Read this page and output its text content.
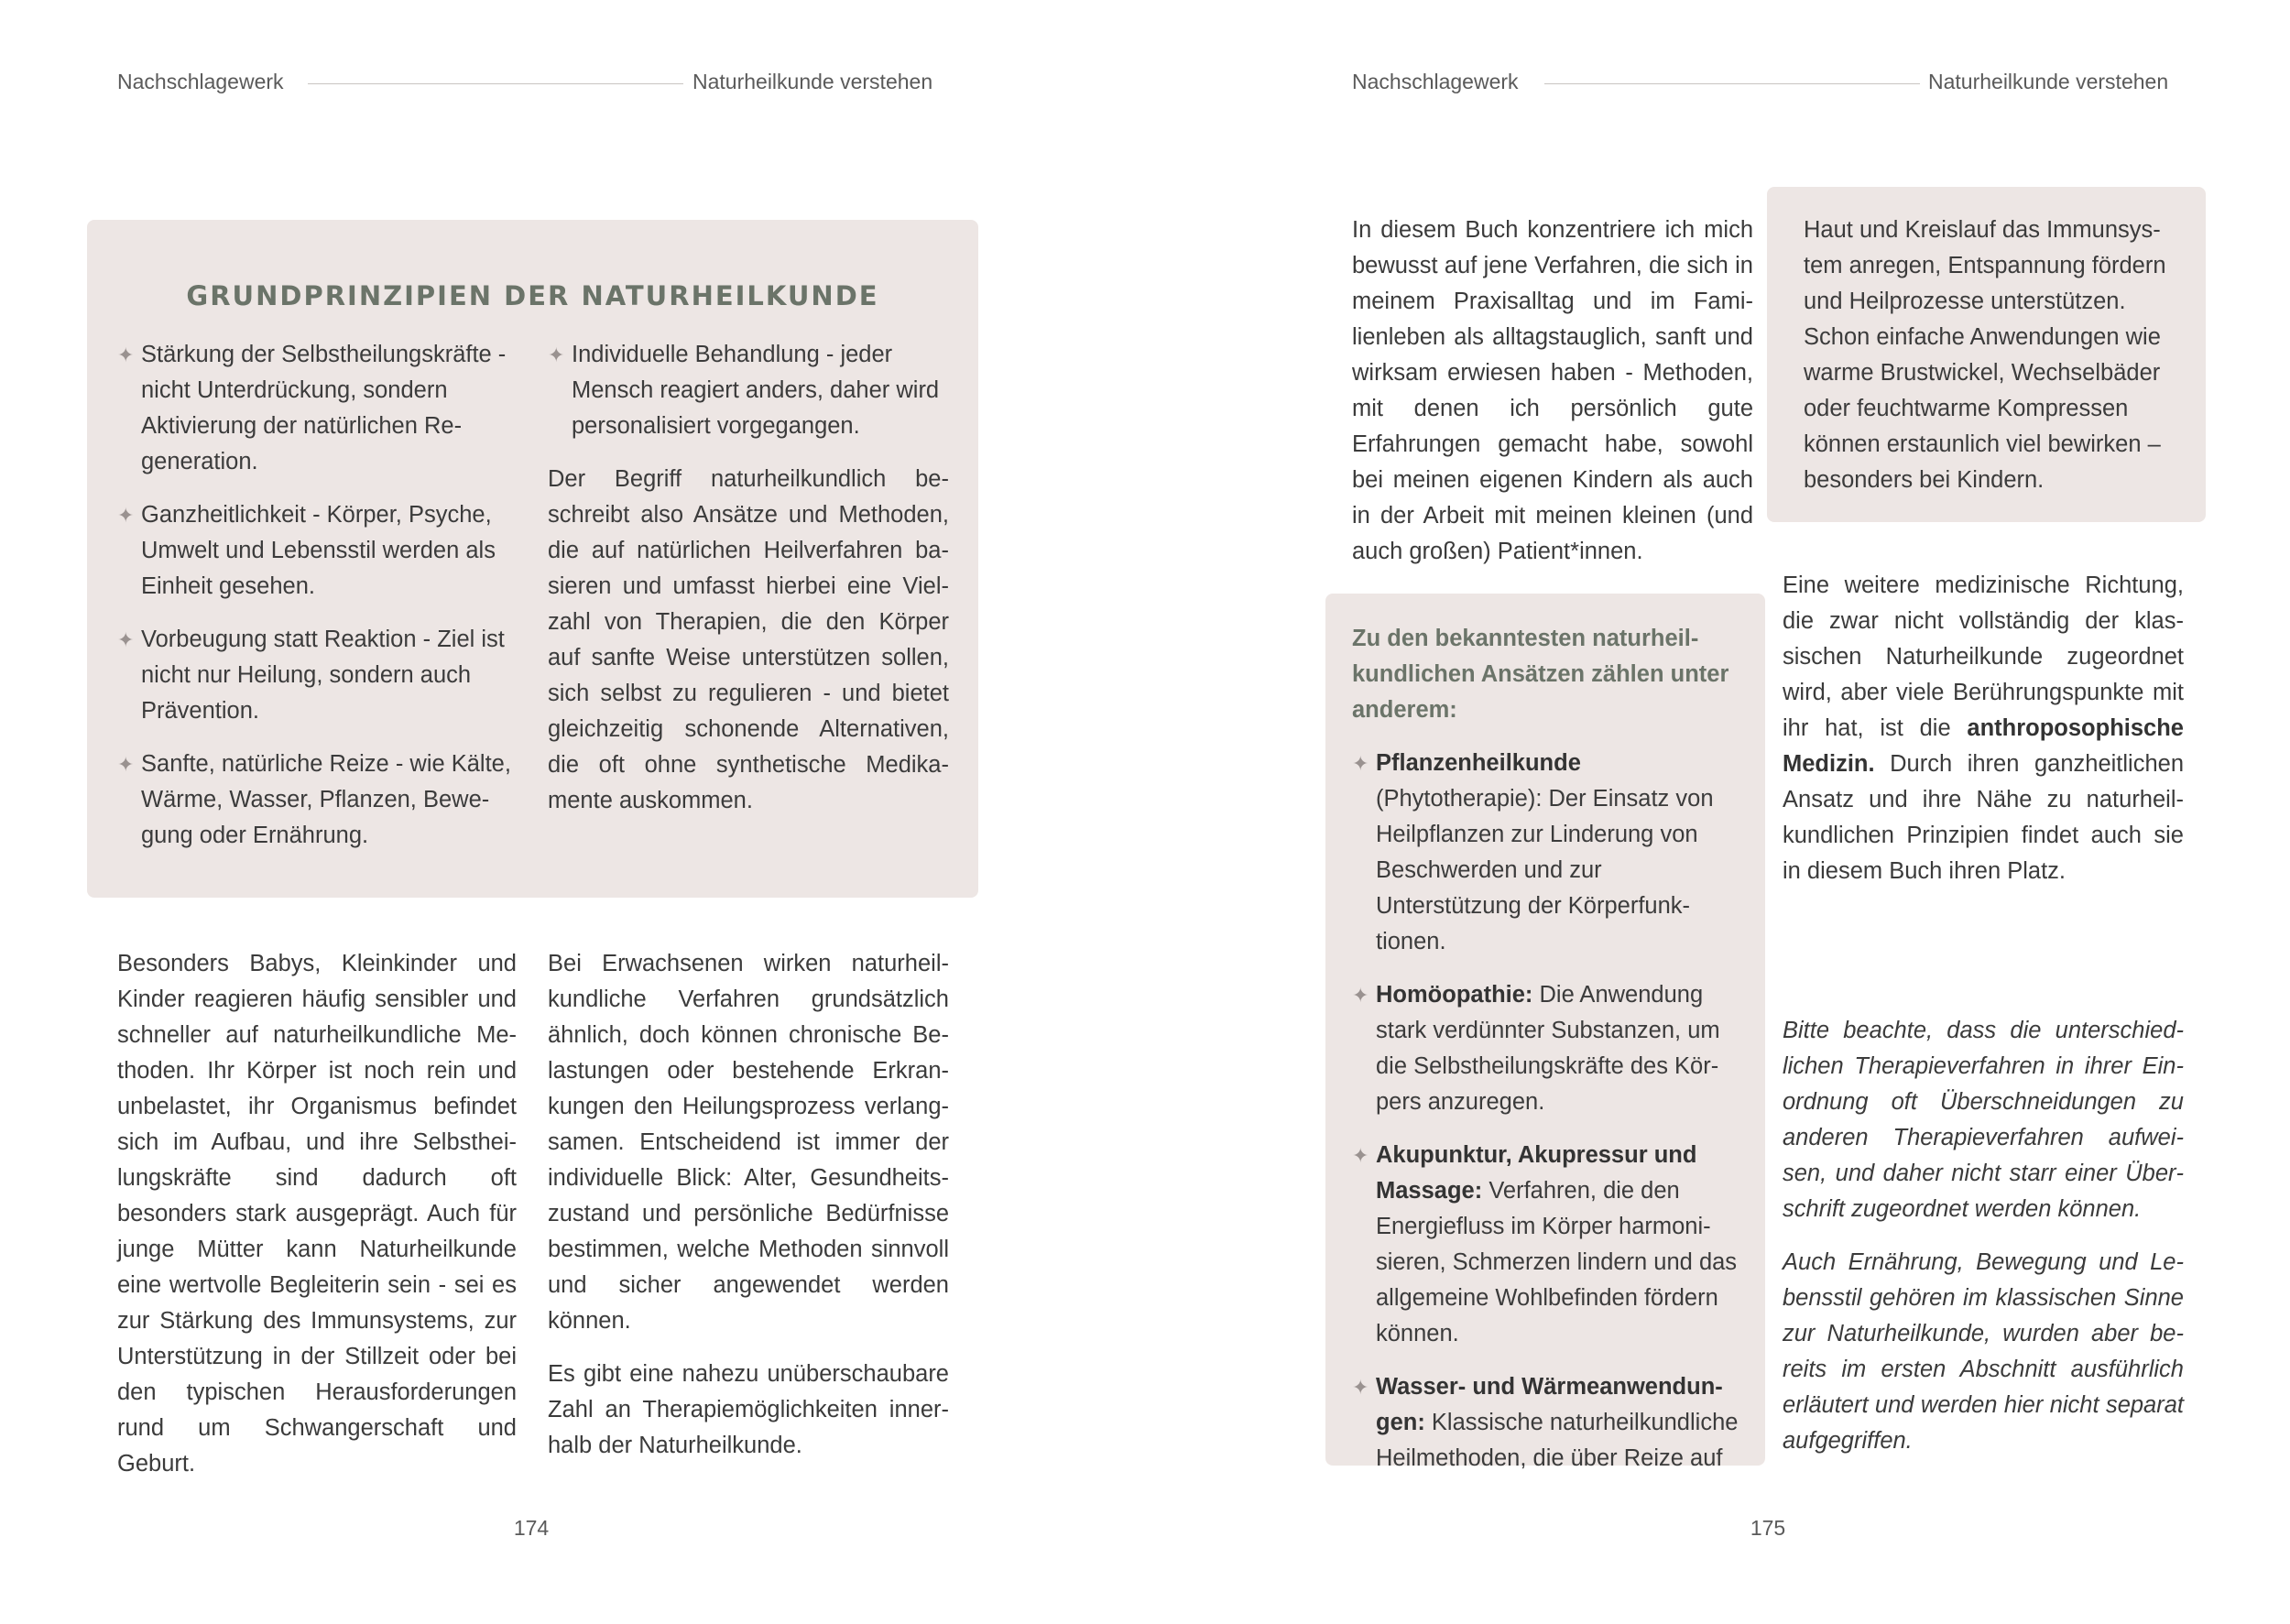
Nachschlagewerk	Naturheilkunde verstehen
GRUNDPRINZIPIEN DER NATURHEILKUNDE
✦ Stärkung der Selbstheilungskräfte - nicht Unterdrückung, sondern Aktivierung der natürlichen Regeneration.
✦ Ganzheitlichkeit - Körper, Psyche, Umwelt und Lebensstil werden als Einheit gesehen.
✦ Vorbeugung statt Reaktion - Ziel ist nicht nur Heilung, sondern auch Prävention.
✦ Sanfte, natürliche Reize - wie Kälte, Wärme, Wasser, Pflanzen, Bewegung oder Ernährung.
✦ Individuelle Behandlung - jeder Mensch reagiert anders, daher wird personalisiert vorgegangen.

Der Begriff naturheilkundlich beschreibt also Ansätze und Methoden, die auf natürlichen Heilverfahren basieren und umfasst hierbei eine Vielzahl von Therapien, die den Körper auf sanfte Weise unterstützen sollen, sich selbst zu regulieren - und bietet gleichzeitig schonende Alternativen, die oft ohne synthetische Medikamente auskommen.

Besonders Babys, Kleinkinder und Kinder reagieren häufig sensibler und schneller auf naturheilkundliche Methoden. Ihr Körper ist noch rein und unbelastet, ihr Organismus befindet sich im Aufbau, und ihre Selbstheilungskräfte sind dadurch oft besonders stark ausgeprägt. Auch für junge Mütter kann Naturheilkunde eine wertvolle Begleiterin sein - sei es zur Stärkung des Immunsystems, zur Unterstützung in der Stillzeit oder bei den typischen Herausforderungen rund um Schwangerschaft und Geburt.

Bei Erwachsenen wirken naturheilkundliche Verfahren grundsätzlich ähnlich, doch können chronische Belastungen oder bestehende Erkrankungen den Heilungsprozess verlangsamen. Entscheidend ist immer der individuelle Blick: Alter, Gesundheitszustand und persönliche Bedürfnisse bestimmen, welche Methoden sinnvoll und sicher angewendet werden können.

Es gibt eine nahezu unüberschaubare Zahl an Therapiemöglichkeiten innerhalb der Naturheilkunde.

174
Nachschlagewerk	Naturheilkunde verstehen

In diesem Buch konzentriere ich mich bewusst auf jene Verfahren, die sich in meinem Praxisalltag und im Familienleben als alltagstauglich, sanft und wirksam erwiesen haben - Methoden, mit denen ich persönlich gute Erfahrungen gemacht habe, sowohl bei meinen eigenen Kindern als auch in der Arbeit mit meinen kleinen (und auch großen) Patient*innen.

Zu den bekanntesten naturheilkundlichen Ansätzen zählen unter anderem:

✦ Pflanzenheilkunde (Phytotherapie): Der Einsatz von Heilpflanzen zur Linderung von Beschwerden und zur Unterstützung der Körperfunktionen.
✦ Homöopathie: Die Anwendung stark verdünnter Substanzen, um die Selbstheilungskräfte des Körpers anzuregen.
✦ Akupunktur, Akupressur und Massage: Verfahren, die den Energiefluss im Körper harmonisieren, Schmerzen lindern und das allgemeine Wohlbefinden fördern können.
✦ Wasser- und Wärmeanwendungen: Klassische naturheilkundliche Heilmethoden, die über Reize auf
Haut und Kreislauf das Immunsystem anregen, Entspannung fördern und Heilprozesse unterstützen. Schon einfache Anwendungen wie warme Brustwickel, Wechselbäder oder feuchtwarme Kompressen können erstaunlich viel bewirken –besonders bei Kindern.

Eine weitere medizinische Richtung, die zwar nicht vollständig der klassischen Naturheilkunde zugeordnet wird, aber viele Berührungspunkte mit ihr hat, ist die anthroposophische Medizin. Durch ihren ganzheitlichen Ansatz und ihre Nähe zu naturheilkundlichen Prinzipien findet auch sie in diesem Buch ihren Platz.

Bitte beachte, dass die unterschiedlichen Therapieverfahren in ihrer Einordnung oft Überschneidungen zu anderen Therapieverfahren aufweisen, und daher nicht starr einer Überschrift zugeordnet werden können.

Auch Ernährung, Bewegung und Lebensstil gehören im klassischen Sinne zur Naturheilkunde, wurden aber bereits im ersten Abschnitt ausführlich erläutert und werden hier nicht separat aufgegriffen.

175
